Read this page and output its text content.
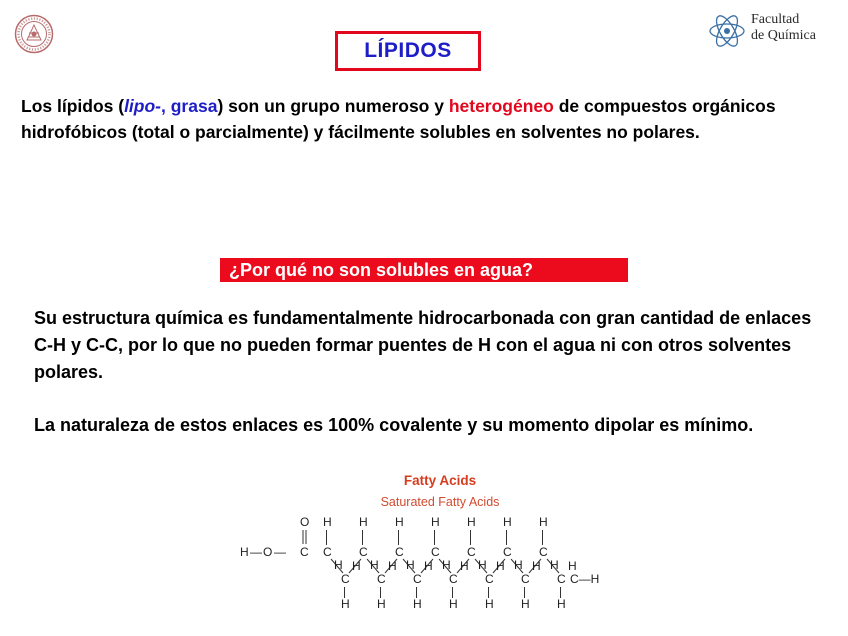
Facultad
de Química
LÍPIDOS
Los lípidos (lipo-, grasa) son un grupo numeroso y heterogéneo de compuestos orgánicos hidrofóbicos (total o parcialmente) y fácilmente solubles en solventes no polares.
¿Por qué no son solubles en agua?
Su estructura química es fundamentalmente hidrocarbonada con gran cantidad de enlaces C-H y C-C, por lo que no pueden formar puentes de H con el agua ni con otros solventes polares.
La naturaleza de estos enlaces es 100% covalente y su momento dipolar es mínimo.
Fatty Acids
Saturated Fatty Acids
C
H
H
C
H
H
C
H
H
C
H
H
C
H
H
C
H
H
C
H
H
C
H
H
C
H
H
C
H
H
C
H
H
C
H
H
C
H
H
C
H
H
H — O —
O
C
C—H
